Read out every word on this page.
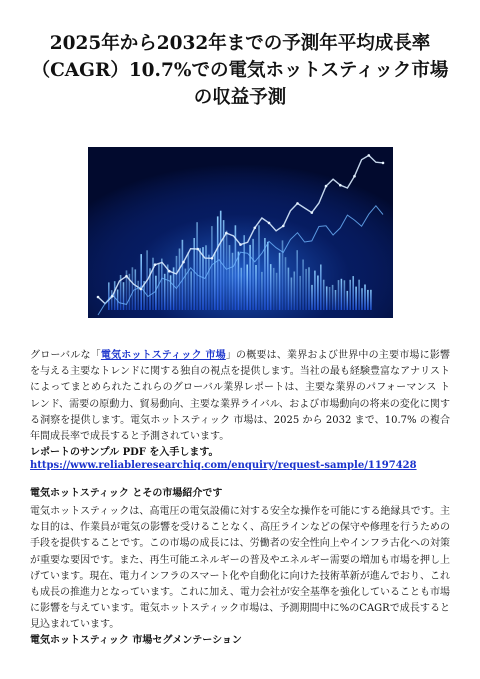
2025年から2032年までの予測年平均成長率（CAGR）10.7%での電気ホットスティック市場の収益予測

グローバルな「電気ホットスティック 市場」の概要は、業界および世界中の主要市場に影響を与える主要なトレンドに関する独自の視点を提供します。当社の最も経験豊富なアナリストによってまとめられたこれらのグローバル業界レポートは、主要な業界のパフォーマンス トレンド、需要の原動力、貿易動向、主要な業界ライバル、および市場動向の将来の変化に関する洞察を提供します。電気ホットスティック 市場は、2025 から 2032 まで、10.7% の複合年間成長率で成長すると予測されています。

レポートのサンプル PDF を入手します。 https://www.reliableresearchiq.com/enquiry/request-sample/1197428

電気ホットスティック とその市場紹介です

電気ホットスティックは、高電圧の電気設備に対する安全な操作を可能にする絶縁具です。主な目的は、作業員が電気の影響を受けることなく、高圧ラインなどの保守や修理を行うための手段を提供することです。この市場の成長には、労働者の安全性向上やインフラ古化への対策が重要な要因です。また、再生可能エネルギーの普及やエネルギー需要の増加も市場を押し上げています。現在、電力インフラのスマート化や自動化に向けた技術革新が進んでおり、これも成長の推進力となっています。これに加え、電力会社が安全基準を強化していることも市場に影響を与えています。電気ホットスティック市場は、予測期間中に%のCAGRで成長すると見込まれています。

電気ホットスティック 市場セグメンテーション
